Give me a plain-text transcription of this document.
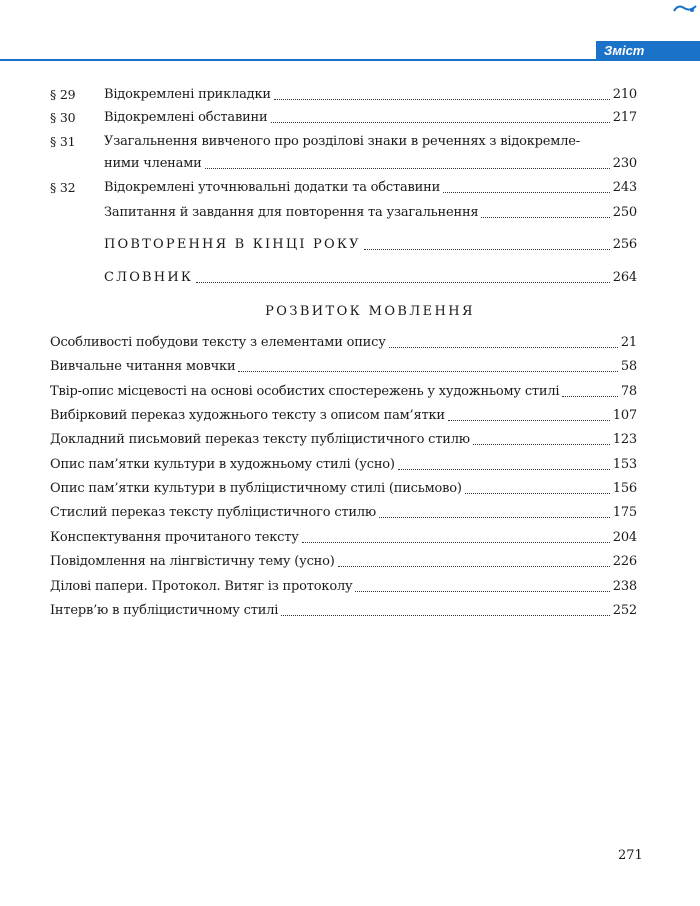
Зміст
§ 29 Відокремлені прикладки	210
§ 30 Відокремлені обставини	217
§ 31 Узагальнення вивченого про розділові знаки в реченнях з відокремле-
ними членами	230
§ 32 Відокремлені уточнювальні додатки та обставини	243
Запитання й завдання для повторення та узагальнення	250
ПОВТОРЕННЯ В КІНЦІ РОКУ	256
СЛОВНИК	264
РОЗВИТОК МОВЛЕННЯ
Особливості побудови тексту з елементами опису	21
Вивчальне читання мовчки	58
Твір-опис місцевості на основі особистих спостережень у художньому стилі	78
Вибірковий переказ художнього тексту з описом пам’ятки	107
Докладний письмовий переказ тексту публіцистичного стилю	123
Опис пам’ятки культури в художньому стилі (усно)	153
Опис пам’ятки культури в публіцистичному стилі (письмово)	156
Стислий переказ тексту публіцистичного стилю	175
Конспектування прочитаного тексту	204
Повідомлення на лінгвістичну тему (усно)	226
Ділові папери. Протокол. Витяг із протоколу	238
Інтерв’ю в публіцистичному стилі	252
271
